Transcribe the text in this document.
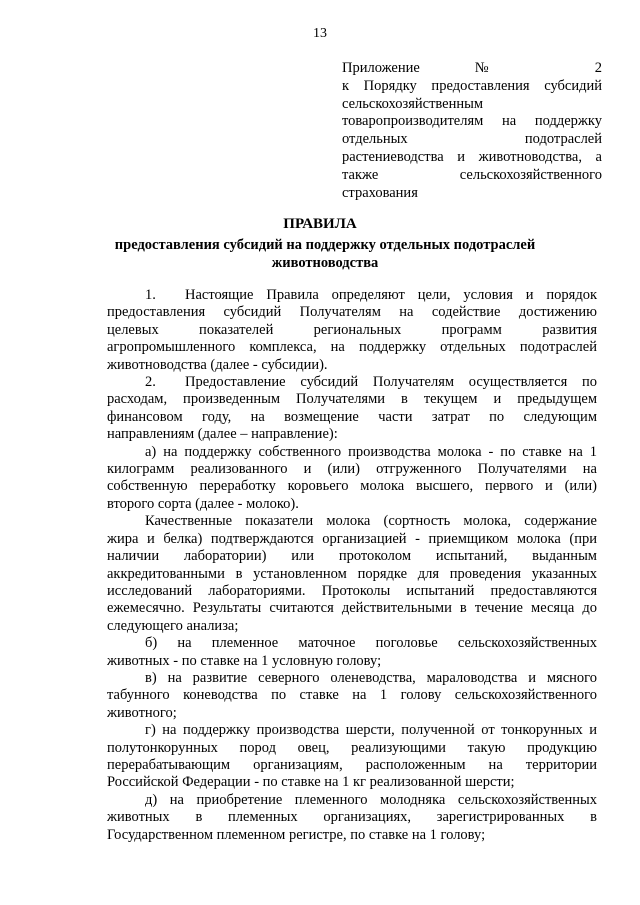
13
Приложение № 2
к Порядку предоставления субсидий
сельскохозяйственным
товаропроизводителям на поддержку
отдельных подотраслей
растениеводства и животноводства, а
также сельскохозяйственного
страхования
ПРАВИЛА
предоставления субсидий на поддержку отдельных подотраслей
животноводства
1. Настоящие Правила определяют цели, условия и порядок
предоставления субсидий Получателям на содействие достижению
целевых показателей региональных программ развития
агропромышленного комплекса, на поддержку отдельных подотраслей
животноводства (далее - субсидии).
2. Предоставление субсидий Получателям осуществляется по
расходам, произведенным Получателями в текущем и предыдущем
финансовом году, на возмещение части затрат по следующим
направлениям (далее – направление):
а) на поддержку собственного производства молока - по ставке на 1
килограмм реализованного и (или) отгруженного Получателями на
собственную переработку коровьего молока высшего, первого и (или)
второго сорта (далее - молоко).
Качественные показатели молока (сортность молока, содержание
жира и белка) подтверждаются организацией - приемщиком молока (при
наличии лаборатории) или протоколом испытаний, выданным
аккредитованными в установленном порядке для проведения указанных
исследований лабораториями. Протоколы испытаний предоставляются
ежемесячно. Результаты считаются действительными в течение месяца до
следующего анализа;
б) на племенное маточное поголовье сельскохозяйственных
животных - по ставке на 1 условную голову;
в) на развитие северного оленеводства, мараловодства и мясного
табунного коневодства по ставке на 1 голову сельскохозяйственного
животного;
г) на поддержку производства шерсти, полученной от тонкорунных и
полутонкорунных пород овец, реализующими такую продукцию
перерабатывающим организациям, расположенным на территории
Российской Федерации - по ставке на 1 кг реализованной шерсти;
д) на приобретение племенного молодняка сельскохозяйственных
животных в племенных организациях, зарегистрированных в
Государственном племенном регистре, по ставке на 1 голову;
